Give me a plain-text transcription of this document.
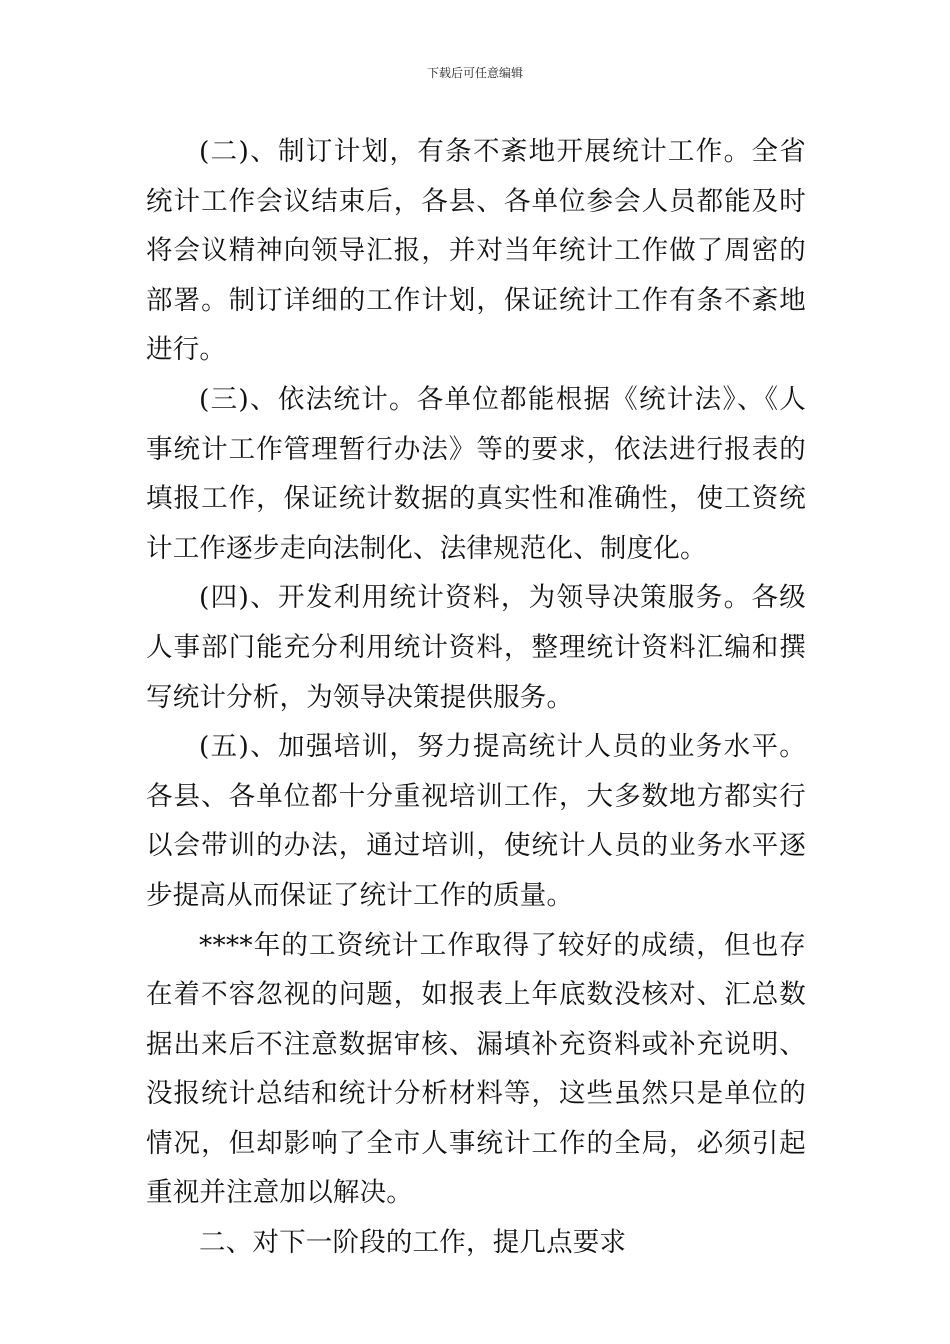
下载后可任意编辑

(二)、制订计划，有条不紊地开展统计工作。全省统计工作会议结束后，各县、各单位参会人员都能及时将会议精神向领导汇报，并对当年统计工作做了周密的部署。制订详细的工作计划，保证统计工作有条不紊地进行。

(三)、依法统计。各单位都能根据《统计法》、《人事统计工作管理暂行办法》等的要求，依法进行报表的填报工作，保证统计数据的真实性和准确性，使工资统计工作逐步走向法制化、法律规范化、制度化。

(四)、开发利用统计资料，为领导决策服务。各级人事部门能充分利用统计资料，整理统计资料汇编和撰写统计分析，为领导决策提供服务。

(五)、加强培训，努力提高统计人员的业务水平。各县、各单位都十分重视培训工作，大多数地方都实行以会带训的办法，通过培训，使统计人员的业务水平逐步提高从而保证了统计工作的质量。

****年的工资统计工作取得了较好的成绩，但也存在着不容忽视的问题，如报表上年底数没核对、汇总数据出来后不注意数据审核、漏填补充资料或补充说明、没报统计总结和统计分析材料等，这些虽然只是单位的情况，但却影响了全市人事统计工作的全局，必须引起重视并注意加以解决。

二、对下一阶段的工作，提几点要求
